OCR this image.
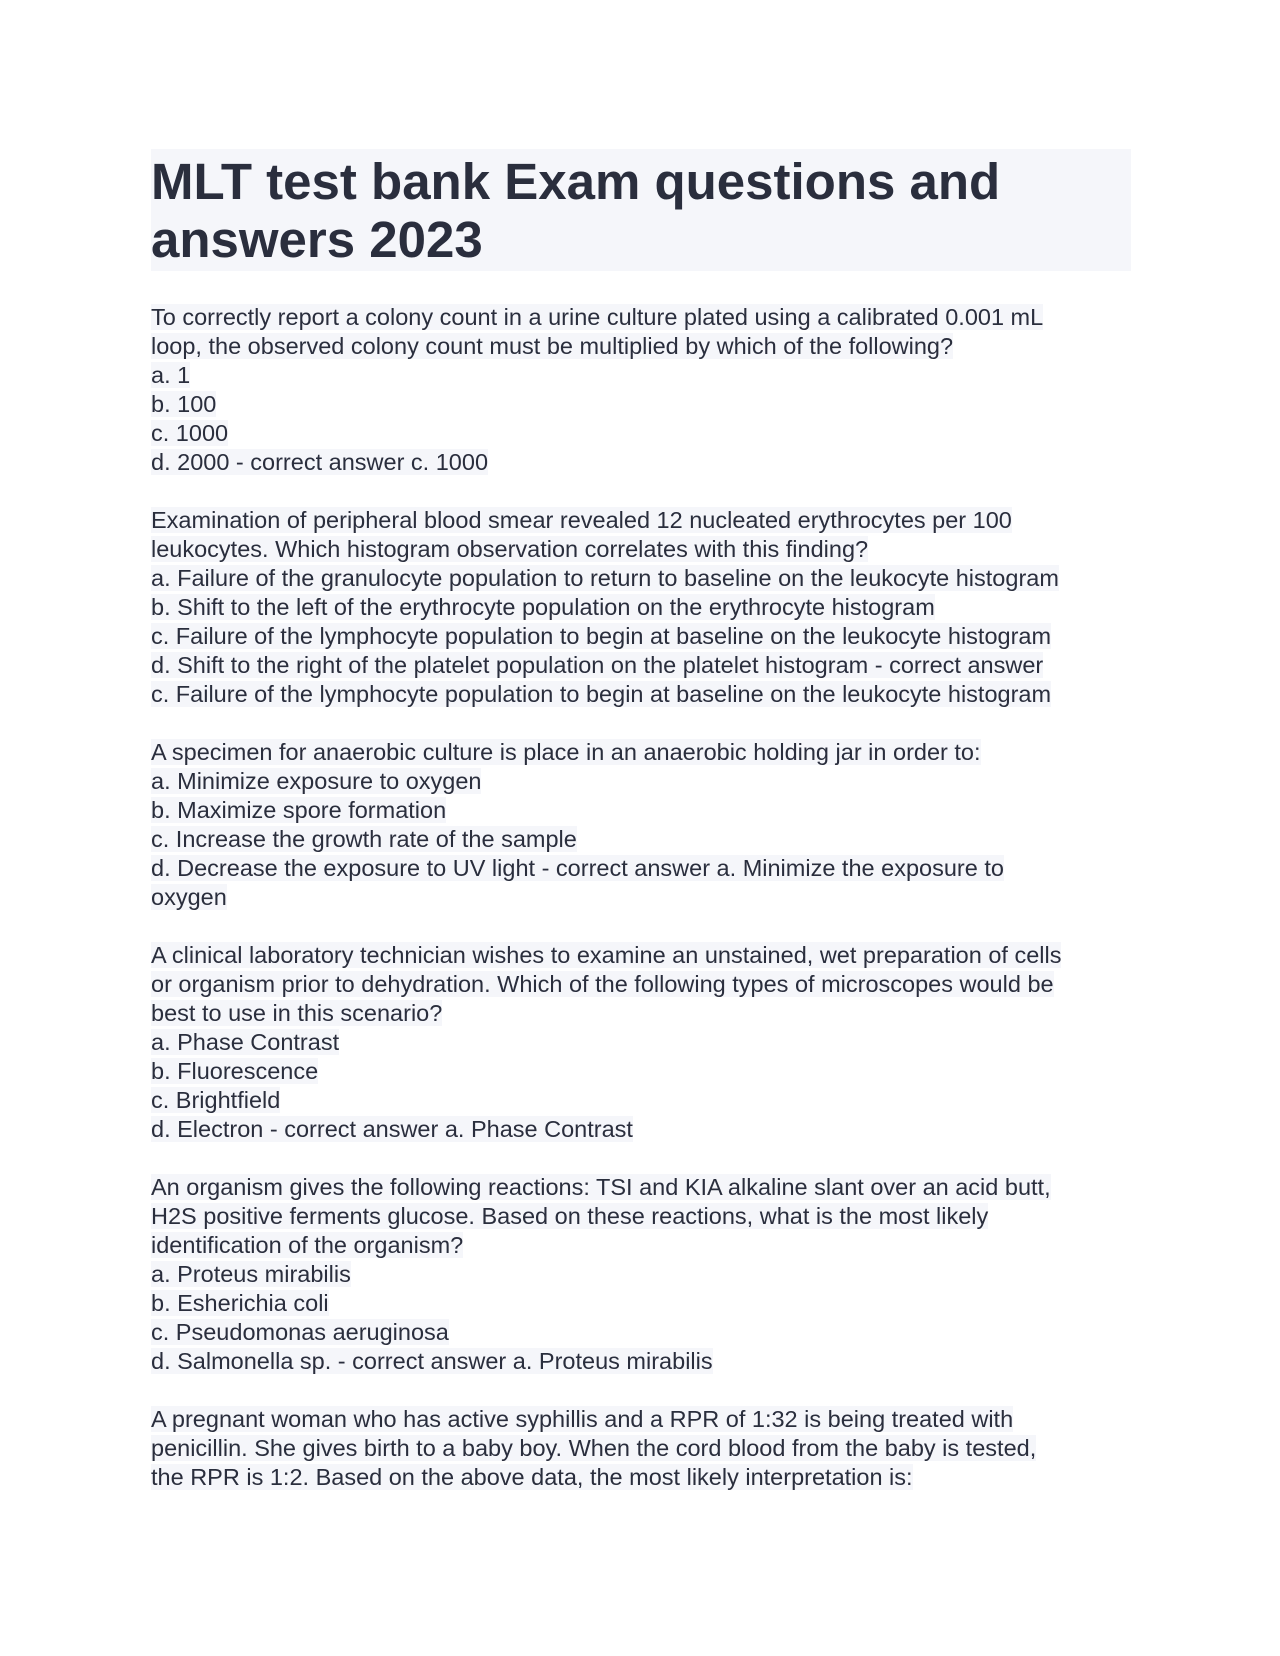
MLT test bank Exam questions and answers 2023
To correctly report a colony count in a urine culture plated using a calibrated 0.001 mL
loop, the observed colony count must be multiplied by which of the following?
a. 1
b. 100
c. 1000
d. 2000 - correct answer c. 1000
Examination of peripheral blood smear revealed 12 nucleated erythrocytes per 100
leukocytes. Which histogram observation correlates with this finding?
a. Failure of the granulocyte population to return to baseline on the leukocyte histogram
b. Shift to the left of the erythrocyte population on the erythrocyte histogram
c. Failure of the lymphocyte population to begin at baseline on the leukocyte histogram
d. Shift to the right of the platelet population on the platelet histogram - correct answer
c. Failure of the lymphocyte population to begin at baseline on the leukocyte histogram
A specimen for anaerobic culture is place in an anaerobic holding jar in order to:
a. Minimize exposure to oxygen
b. Maximize spore formation
c. Increase the growth rate of the sample
d. Decrease the exposure to UV light - correct answer a. Minimize the exposure to
oxygen
A clinical laboratory technician wishes to examine an unstained, wet preparation of cells
or organism prior to dehydration. Which of the following types of microscopes would be
best to use in this scenario?
a. Phase Contrast
b. Fluorescence
c. Brightfield
d. Electron - correct answer a. Phase Contrast
An organism gives the following reactions: TSI and KIA alkaline slant over an acid butt,
H2S positive ferments glucose. Based on these reactions, what is the most likely
identification of the organism?
a. Proteus mirabilis
b. Esherichia coli
c. Pseudomonas aeruginosa
d. Salmonella sp. - correct answer a. Proteus mirabilis
A pregnant woman who has active syphillis and a RPR of 1:32 is being treated with
penicillin. She gives birth to a baby boy. When the cord blood from the baby is tested,
the RPR is 1:2. Based on the above data, the most likely interpretation is:
